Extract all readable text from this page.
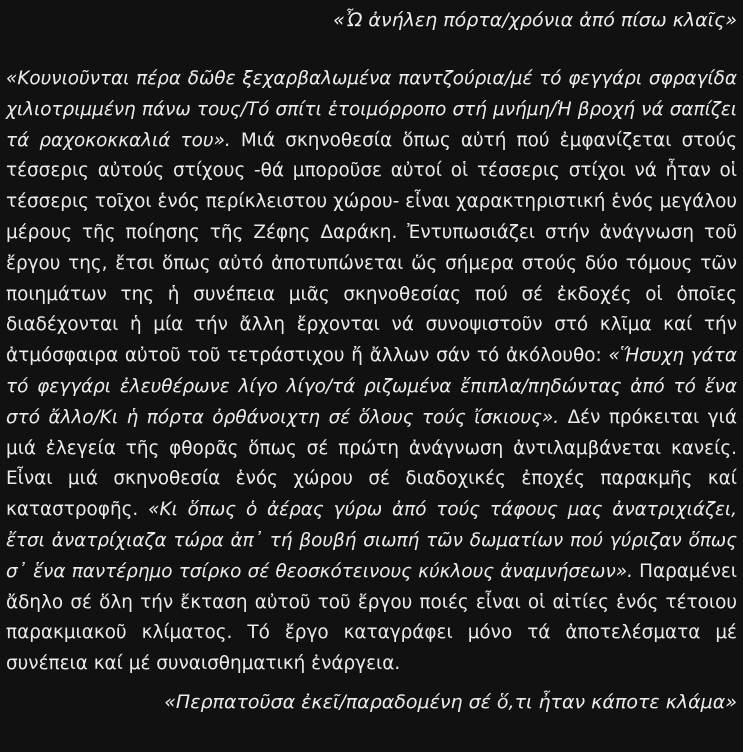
«Ὦ ἀνήλεη πόρτα/χρόνια ἀπό πίσω κλαῖς»
«Κουνιοῦνται πέρα δῶθε ξεχαρβαλωμένα παντζούρια/μέ τό φεγγάρι σφραγίδα χιλιοτριμμένη πάνω τους/Τό σπίτι ἑτοιμόρροπο στή μνήμη/Ἡ βροχή νά σαπίζει τά ραχοκοκκαλιά του». Μιά σκηνοθεσία ὅπως αὐτή πού ἐμφανίζεται στούς τέσσερις αὐτούς στίχους -θά μποροῦσε αὐτοί οἱ τέσσερις στίχοι νά ἦταν οἱ τέσσερις τοῖχοι ἑνός περίκλειστου χώρου- εἶναι χαρακτηριστική ἑνός μεγάλου μέρους τῆς ποίησης τῆς Ζέφης Δαράκη. Ἐντυπωσιάζει στήν ἀνάγνωση τοῦ ἔργου της, ἔτσι ὅπως αὐτό ἀποτυπώνεται ὥς σήμερα στούς δύο τόμους τῶν ποιημάτων της ἡ συνέπεια μιᾶς σκηνοθεσίας πού σέ ἐκδοχές οἱ ὁποῖες διαδέχονται ἡ μία τήν ἄλλη ἔρχονται νά συνοψιστοῦν στό κλῖμα καί τήν ἀτμόσφαιρα αὐτοῦ τοῦ τετράστιχου ἤ ἄλλων σάν τό ἀκόλουθο: «Ἥσυχη γάτα τό φεγγάρι ἐλευθέρωνε λίγο λίγο/τά ριζωμένα ἔπιπλα/πηδώντας ἀπό τό ἕνα στό ἄλλο/Κι ἡ πόρτα ὀρθάνοιχτη σέ ὅλους τούς ἴσκιους». Δέν πρόκειται γιά μιά ἐλεγεία τῆς φθορᾶς ὅπως σέ πρώτη ἀνάγνωση ἀντιλαμβάνεται κανείς. Εἶναι μιά σκηνοθεσία ἑνός χώρου σέ διαδοχικές ἐποχές παρακμῆς καί καταστροφῆς. «Κι ὅπως ὁ ἀέρας γύρω ἀπό τούς τάφους μας ἀνατριχιάζει, ἔτσι ἀνατρίχιαζα τώρα ἀπ᾿ τή βουβή σιωπή τῶν δωματίων πού γύριζαν ὅπως σ᾿ ἕνα παντέρημο τσίρκο σέ θεοσκότεινους κύκλους ἀναμνήσεων». Παραμένει ἄδηλο σέ ὅλη τήν ἔκταση αὐτοῦ τοῦ ἔργου ποιές εἶναι οἱ αἰτίες ἑνός τέτοιου παρακμιακοῦ κλίματος. Τό ἔργο καταγράφει μόνο τά ἀποτελέσματα μέ συνέπεια καί μέ συναισθηματική ἐνάργεια.
«Περπατοῦσα ἐκεῖ/παραδομένη σέ ὅ,τι ἦταν κάποτε κλάμα»
